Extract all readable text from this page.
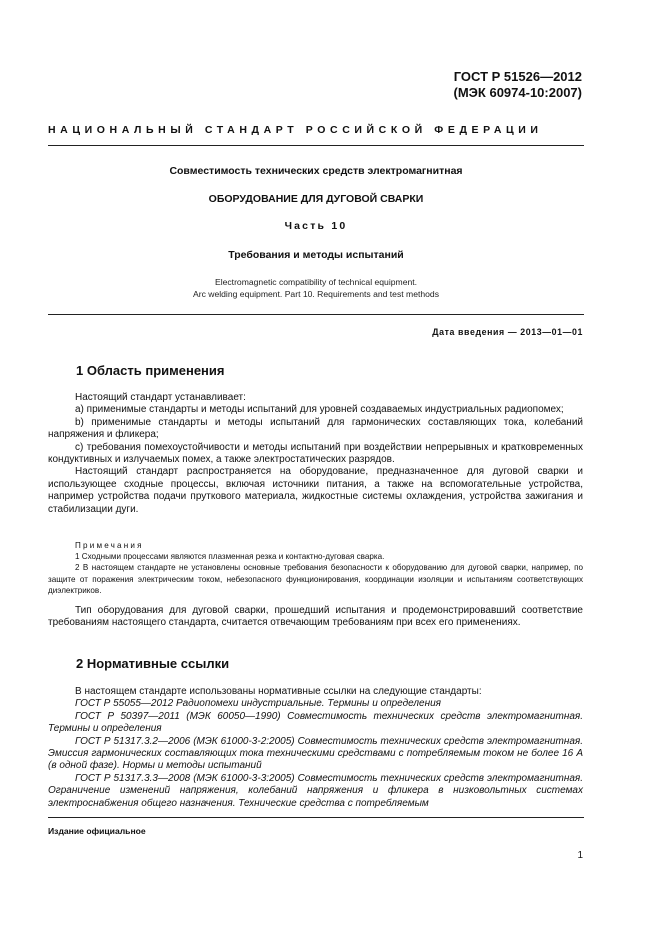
ГОСТ Р 51526—2012
(МЭК 60974-10:2007)
НАЦИОНАЛЬНЫЙ СТАНДАРТ РОССИЙСКОЙ ФЕДЕРАЦИИ
Совместимость технических средств электромагнитная
ОБОРУДОВАНИЕ ДЛЯ ДУГОВОЙ СВАРКИ
Часть 10
Требования и методы испытаний
Electromagnetic compatibility of technical equipment.
Arc welding equipment. Part 10. Requirements and test methods
Дата введения — 2013—01—01
1 Область применения
Настоящий стандарт устанавливает:
а) применимые стандарты и методы испытаний для уровней создаваемых индустриальных радиопомех;
b) применимые стандарты и методы испытаний для гармонических составляющих тока, колебаний напряжения и фликера;
с) требования помехоустойчивости и методы испытаний при воздействии непрерывных и кратковременных кондуктивных и излучаемых помех, а также электростатических разрядов.
Настоящий стандарт распространяется на оборудование, предназначенное для дуговой сварки и использующее сходные процессы, включая источники питания, а также на вспомогательные устройства, например устройства подачи пруткового материала, жидкостные системы охлаждения, устройства зажигания и стабилизации дуги.
Примечания
1 Сходными процессами являются плазменная резка и контактно-дуговая сварка.
2 В настоящем стандарте не установлены основные требования безопасности к оборудованию для дуговой сварки, например, по защите от поражения электрическим током, небезопасного функционирования, координации изоляции и испытаниям соответствующих диэлектриков.
Тип оборудования для дуговой сварки, прошедший испытания и продемонстрировавший соответствие требованиям настоящего стандарта, считается отвечающим требованиям при всех его применениях.
2 Нормативные ссылки
В настоящем стандарте использованы нормативные ссылки на следующие стандарты:
ГОСТ Р 55055—2012 Радиопомехи индустриальные. Термины и определения
ГОСТ Р 50397—2011 (МЭК 60050—1990) Совместимость технических средств электромагнитная. Термины и определения
ГОСТ Р 51317.3.2—2006 (МЭК 61000-3-2:2005) Совместимость технических средств электромагнитная. Эмиссия гармонических составляющих тока техническими средствами с потребляемым током не более 16 А (в одной фазе). Нормы и методы испытаний
ГОСТ Р 51317.3.3—2008 (МЭК 61000-3-3:2005) Совместимость технических средств электромагнитная. Ограничение изменений напряжения, колебаний напряжения и фликера в низковольтных системах электроснабжения общего назначения. Технические средства с потребляемым
Издание официальное
1
